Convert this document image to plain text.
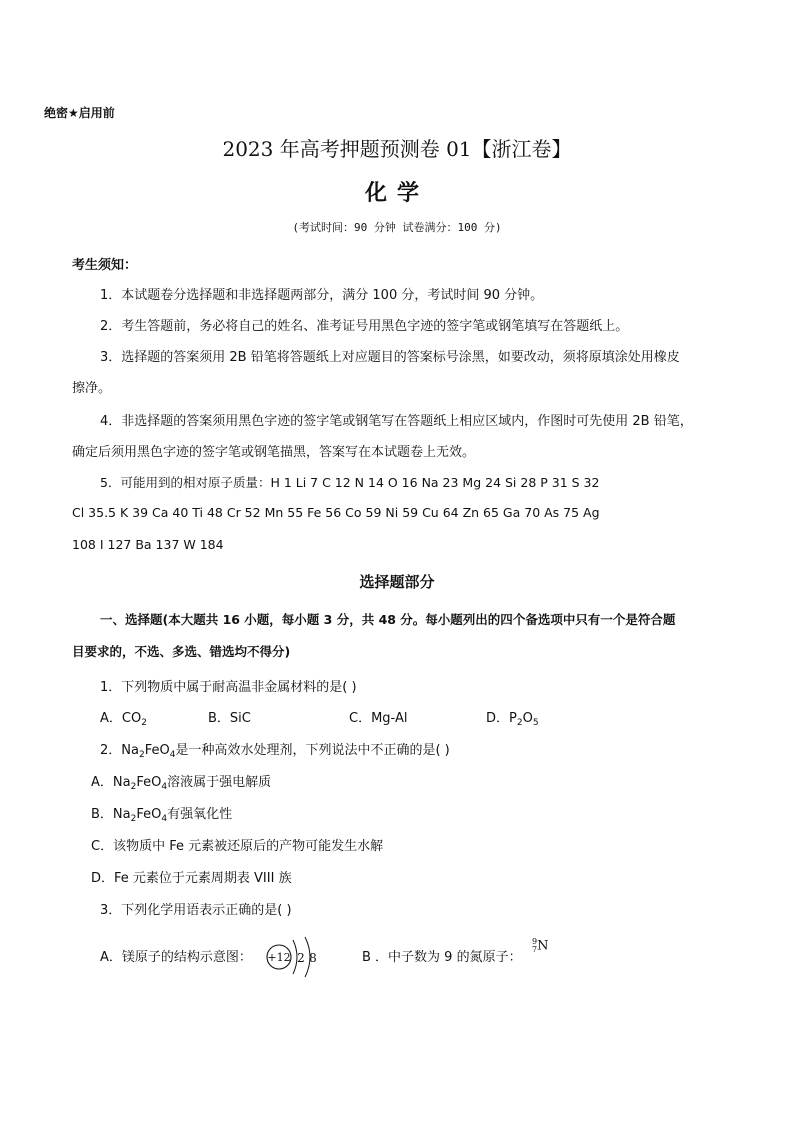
绝密★启用前
2023 年高考押题预测卷 01【浙江卷】
化学
(考试时间：90 分钟 试卷满分：100 分)
考生须知：
1．本试题卷分选择题和非选择题两部分，满分 100 分，考试时间 90 分钟。
2．考生答题前，务必将自己的姓名、准考证号用黑色字迹的签字笔或钢笔填写在答题纸上。
3．选择题的答案须用 2B 铅笔将答题纸上对应题目的答案标号涂黑，如要改动，须将原填涂处用橡皮
擦净。
4．非选择题的答案须用黑色字迹的签字笔或钢笔写在答题纸上相应区域内，作图时可先使用 2B 铅笔，
确定后须用黑色字迹的签字笔或钢笔描黑，答案写在本试题卷上无效。
5．可能用到的相对原子质量：H 1 Li 7 C 12 N 14 O 16 Na 23 Mg 24 Si 28 P 31 S 32
Cl 35.5 K 39 Ca 40 Ti 48 Cr 52 Mn 55 Fe 56 Co 59 Ni 59 Cu 64 Zn 65 Ga 70 As 75 Ag
108 I 127 Ba 137 W 184
选择题部分
一、选择题(本大题共 16 小题，每小题 3 分，共 48 分。每小题列出的四个备选项中只有一个是符合题
目要求的，不选、多选、错选均不得分)
1．下列物质中属于耐高温非金属材料的是( )
A．$CO_2$	B．SiC	C．Mg-Al	D．$P_2O_5$
2．$Na_2FeO_4$是一种高效水处理剂，下列说法中不正确的是( )
A．$Na_2FeO_4$溶液属于强电解质
B．$Na_2FeO_4$有强氧化性
C．该物质中 Fe 元素被还原后的产物可能发生水解
D．Fe 元素位于元素周期表 VIII 族
3．下列化学用语表示正确的是( )
A．镁原子的结构示意图： +12 2 8	B ．中子数为 9 的氮原子：
9
7 N
